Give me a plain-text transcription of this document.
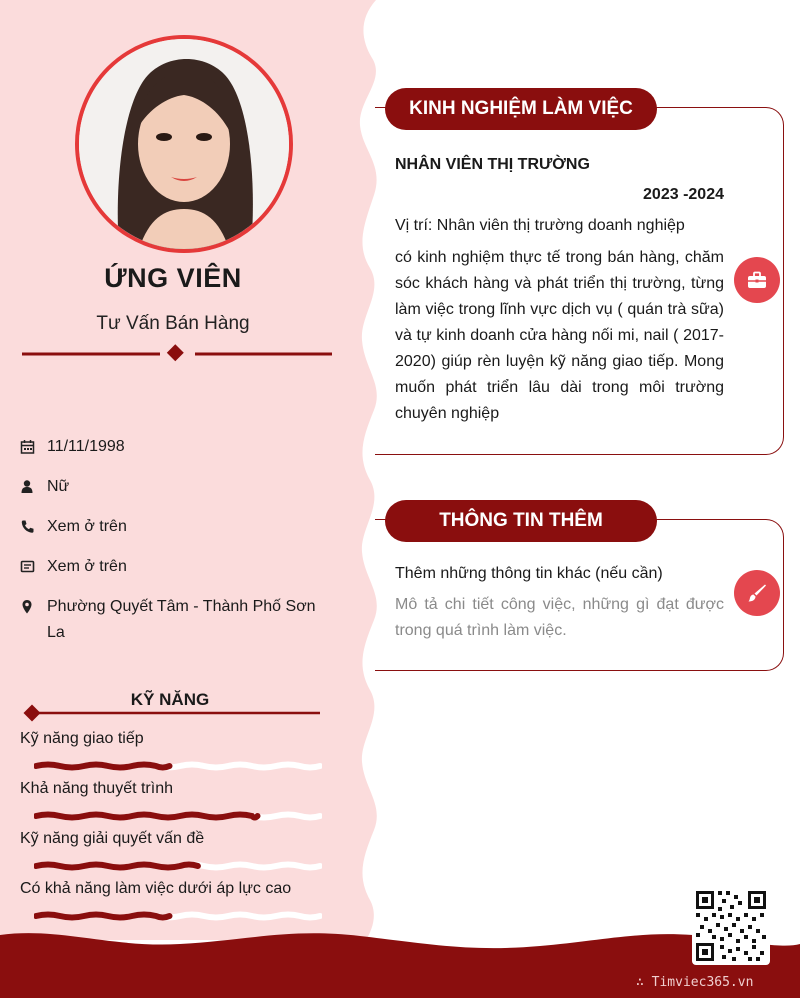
ỨNG VIÊN
Tư Vấn Bán Hàng
11/11/1998
Nữ
Xem ở trên
Xem ở trên
Phường Quyết Tâm - Thành Phố Sơn La
KỸ NĂNG
Kỹ năng giao tiếp
Khả năng thuyết trình
Kỹ năng giải quyết vấn đề
Có khả năng làm việc dưới áp lực cao
KINH NGHIỆM LÀM VIỆC
NHÂN VIÊN THỊ TRƯỜNG
2023 -2024
Vị trí: Nhân viên thị trường doanh nghiệp
có kinh nghiệm thực tế trong bán hàng, chăm sóc khách hàng và phát triển thị trường, từng làm việc trong lĩnh vực dịch vụ ( quán trà sữa) và tự kinh doanh cửa hàng nối mi, nail ( 2017-2020) giúp rèn luyện kỹ năng giao tiếp. Mong muốn phát triển lâu dài trong môi trường chuyên nghiệp
THÔNG TIN THÊM
Thêm những thông tin khác (nếu cần)
Mô tả chi tiết công việc, những gì đạt được trong quá trình làm việc.
∴ Timviec365.vn
